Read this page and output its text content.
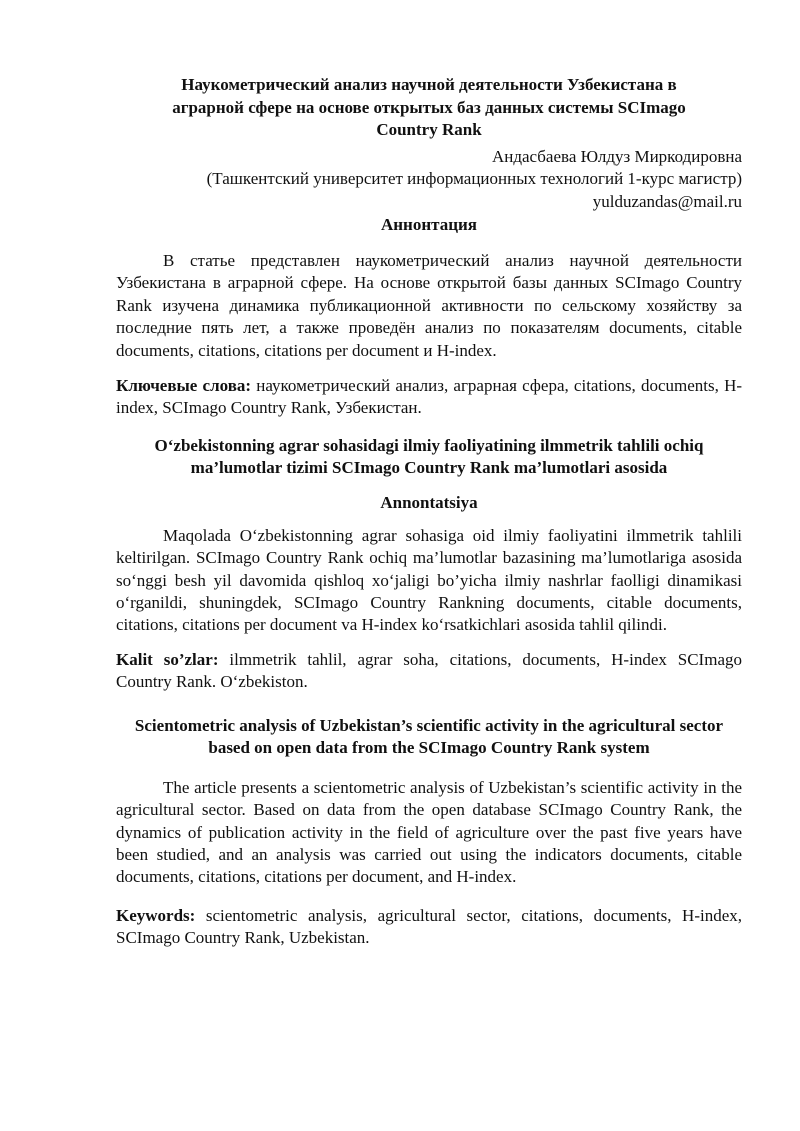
Наукометрический анализ научной деятельности Узбекистана в аграрной сфере на основе открытых баз данных системы SCImago Country Rank
Андасбаева Юлдуз Миркодировна
(Ташкентский университет информационных технологий 1-курс магистр)
yulduzandas@mail.ru
Аннонтация

В статье представлен наукометрический анализ научной деятельности Узбекистана в аграрной сфере. На основе открытой базы данных SCImago Country Rank изучена динамика публикационной активности по сельскому хозяйству за последние пять лет, а также проведён анализ по показателям documents, citable documents, citations, citations per document и H-index.

Ключевые слова: наукометрический анализ, аграрная сфера, citations, documents, H-index, SCImago Country Rank, Узбекистан.

O‘zbekistonning agrar sohasidagi ilmiy faoliyatining ilmmetrik tahlili ochiq ma’lumotlar tizimi SCImago Country Rank ma’lumotlari asosida
Annontatsiya

Maqolada O‘zbekistonning agrar sohasiga oid ilmiy faoliyatini ilmmetrik tahlili keltirilgan. SCImago Country Rank ochiq ma’lumotlar bazasining ma’lumotlariga asosida so‘nggi besh yil davomida qishloq xo‘jaligi bo’yicha ilmiy nashrlar faolligi dinamikasi o‘rganildi, shuningdek, SCImago Country Rankning documents, citable documents, citations, citations per document va H-index ko‘rsatkichlari asosida tahlil qilindi.

Kalit so’zlar: ilmmetrik tahlil, agrar soha, citations, documents, H-index SCImago Country Rank. O‘zbekiston.

Scientometric analysis of Uzbekistan’s scientific activity in the agricultural sector based on open data from the SCImago Country Rank system

The article presents a scientometric analysis of Uzbekistan’s scientific activity in the agricultural sector. Based on data from the open database SCImago Country Rank, the dynamics of publication activity in the field of agriculture over the past five years have been studied, and an analysis was carried out using the indicators documents, citable documents, citations, citations per document, and H-index.

Keywords: scientometric analysis, agricultural sector, citations, documents, H-index, SCImago Country Rank, Uzbekistan.
